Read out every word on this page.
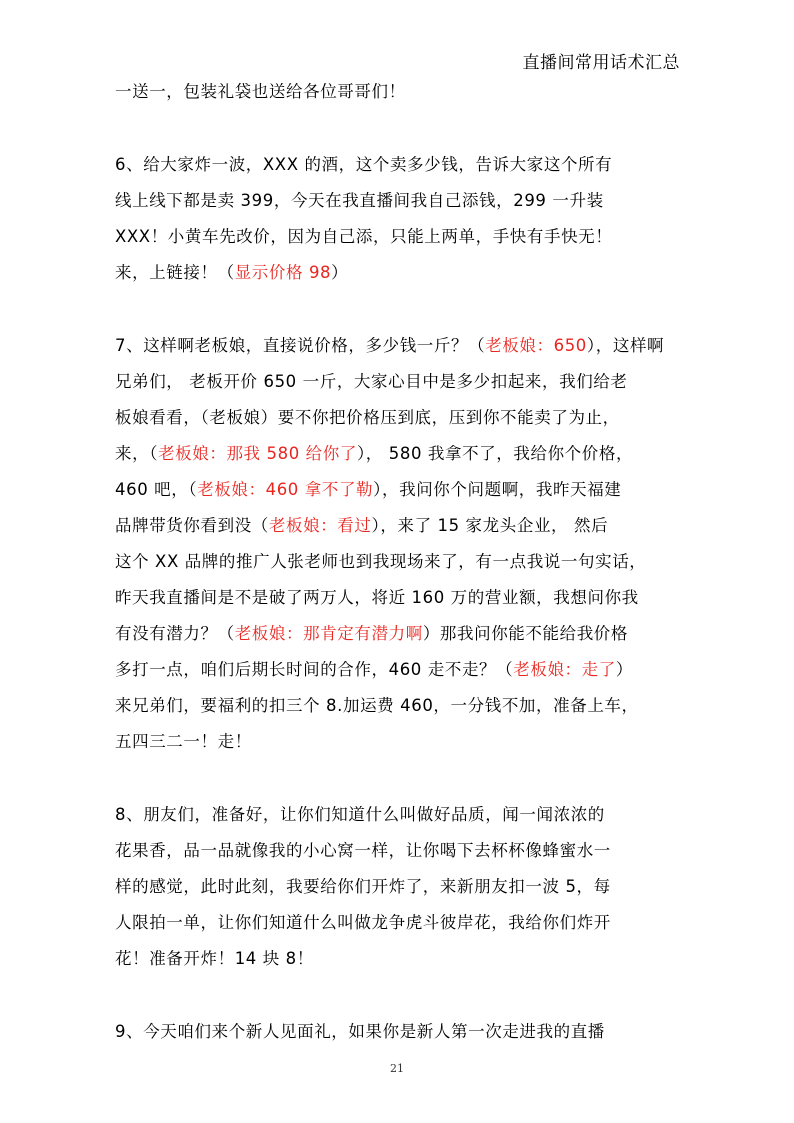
直播间常用话术汇总
一送一，包装礼袋也送给各位哥哥们！
6、给大家炸一波，XXX 的酒，这个卖多少钱，告诉大家这个所有
线上线下都是卖 399，今天在我直播间我自己添钱，299 一升装
XXX！小黄车先改价，因为自己添，只能上两单，手快有手快无！
来，上链接！（显示价格 98）
7、这样啊老板娘，直接说价格，多少钱一斤？（老板娘：650），这样啊
兄弟们， 老板开价 650 一斤，大家心目中是多少扣起来，我们给老
板娘看看，（老板娘）要不你把价格压到底，压到你不能卖了为止，
来，（老板娘：那我 580 给你了）， 580 我拿不了，我给你个价格，
460 吧，（老板娘：460 拿不了勒），我问你个问题啊，我昨天福建
品牌带货你看到没（老板娘：看过），来了 15 家龙头企业， 然后
这个 XX 品牌的推广人张老师也到我现场来了，有一点我说一句实话，
昨天我直播间是不是破了两万人，将近 160 万的营业额，我想问你我
有没有潜力？（老板娘：那肯定有潜力啊）那我问你能不能给我价格
多打一点，咱们后期长时间的合作，460 走不走？（老板娘：走了）
来兄弟们，要福利的扣三个 8.加运费 460，一分钱不加，准备上车，
五四三二一！走！
8、朋友们，准备好，让你们知道什么叫做好品质，闻一闻浓浓的
花果香，品一品就像我的小心窝一样，让你喝下去杯杯像蜂蜜水一
样的感觉，此时此刻，我要给你们开炸了，来新朋友扣一波 5，每
人限拍一单，让你们知道什么叫做龙争虎斗彼岸花，我给你们炸开
花！准备开炸！14 块 8！
9、今天咱们来个新人见面礼，如果你是新人第一次走进我的直播
21
